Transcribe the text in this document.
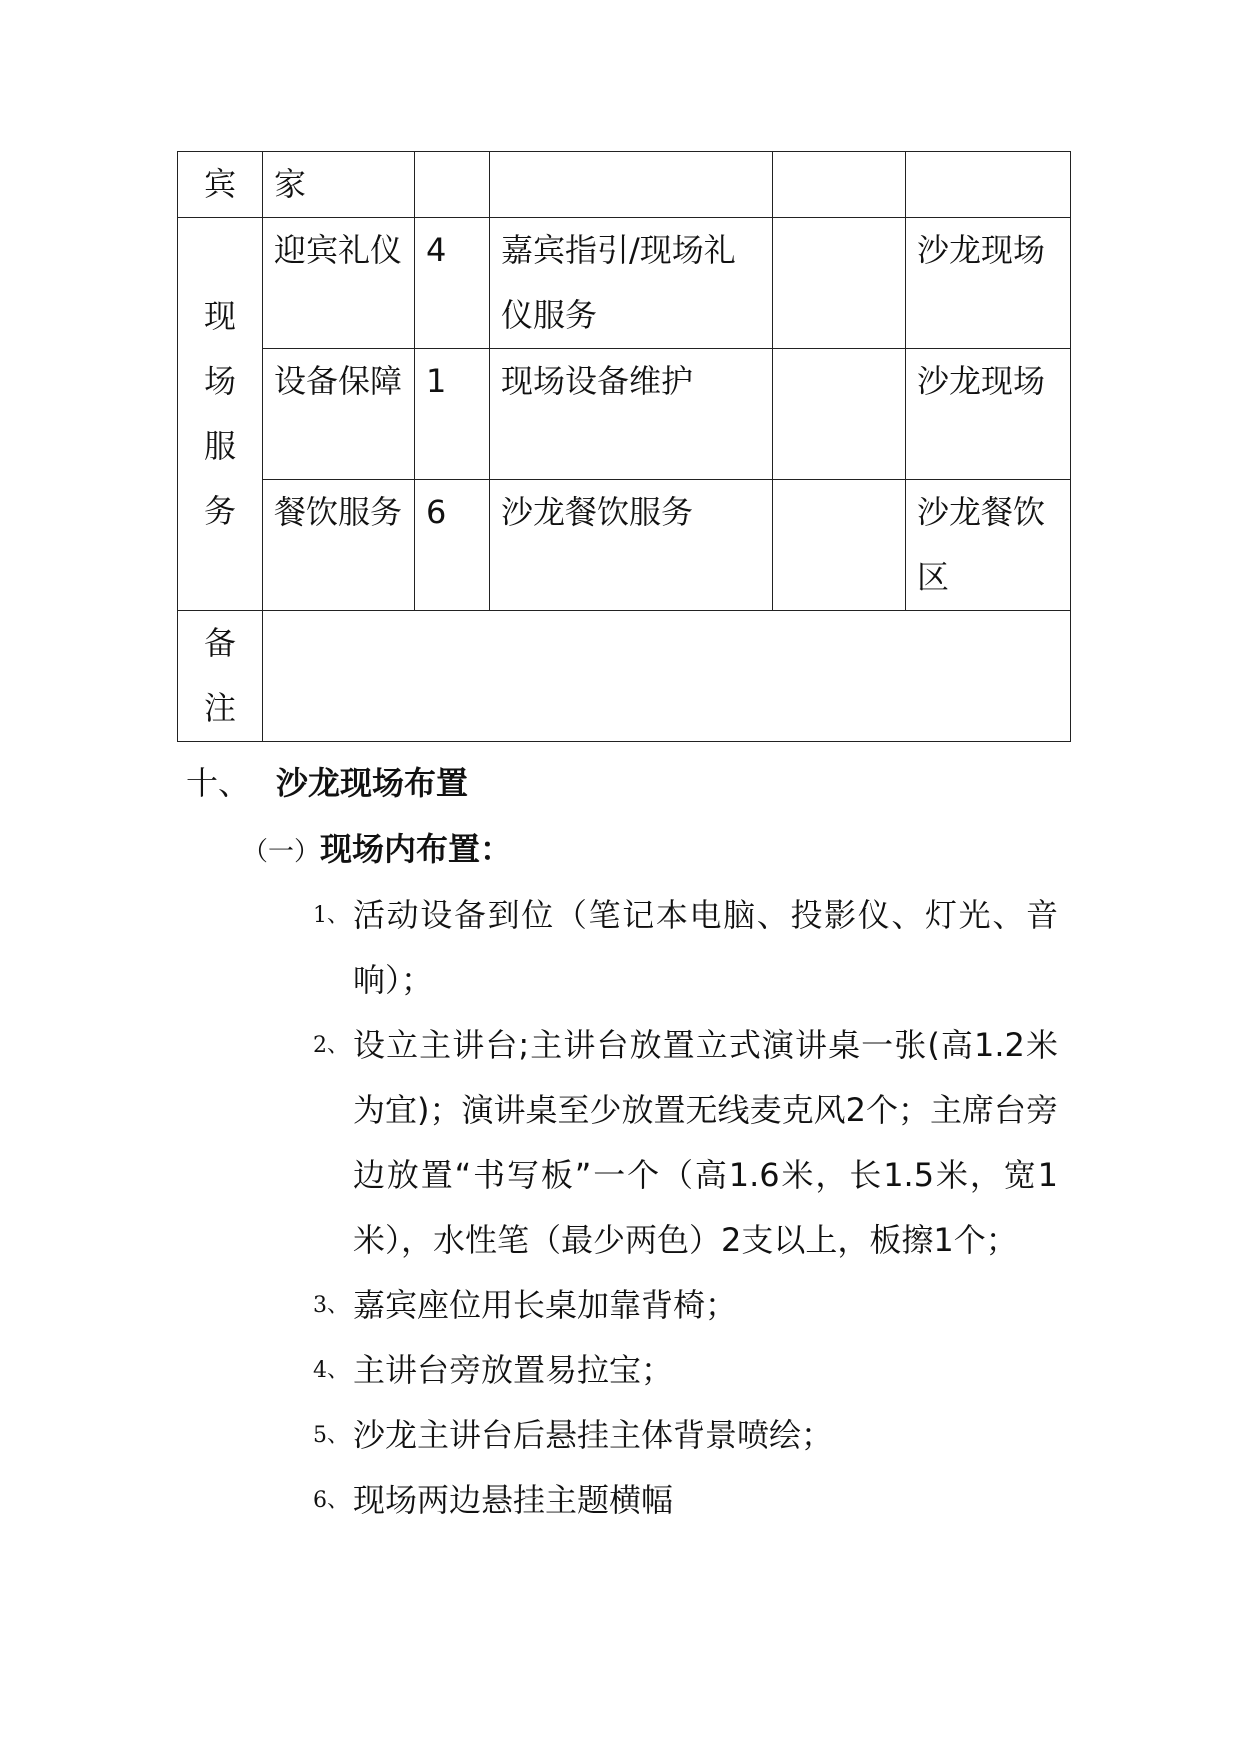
宾	家				

现场服务	迎宾礼仪	4	嘉宾指引/现场礼仪服务		沙龙现场
	设备保障	1	现场设备维护		沙龙现场
	餐饮服务	6	沙龙餐饮服务		沙龙餐饮区

备注					

十、 沙龙现场布置
（一）现场内布置：
1、 活动设备到位（笔记本电脑、投影仪、灯光、音响）；
2、 设立主讲台;主讲台放置立式演讲桌一张(高1.2米为宜)；演讲桌至少放置无线麦克风2个；主席台旁边放置“书写板”一个（高1.6米，长1.5米，宽1米），水性笔（最少两色）2支以上，板擦1个；
3、 嘉宾座位用长桌加靠背椅；
4、 主讲台旁放置易拉宝；
5、 沙龙主讲台后悬挂主体背景喷绘；
6、 现场两边悬挂主题横幅
